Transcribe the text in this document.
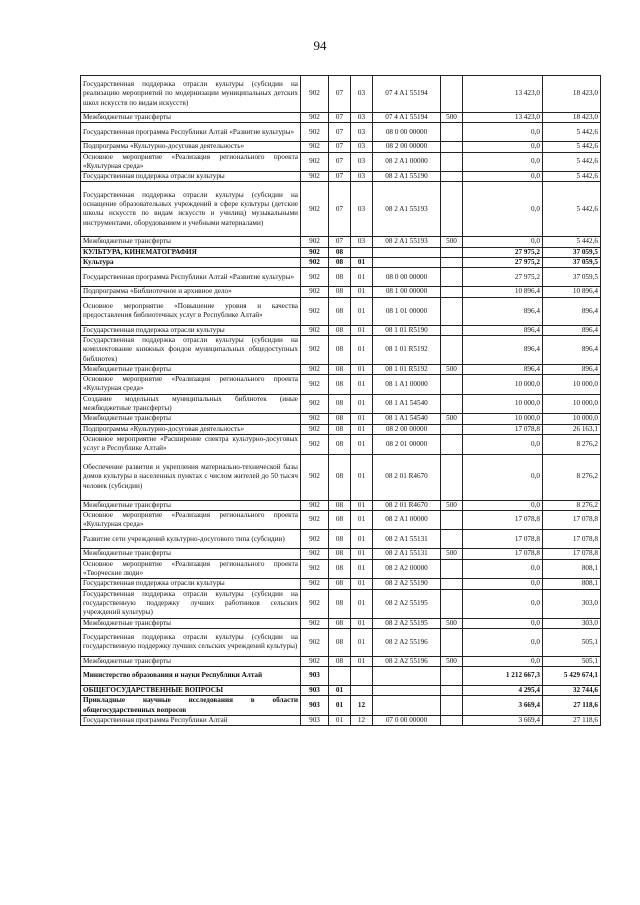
94
Государственная поддержка отрасли культуры (субсидии на реализацию мероприятий по модернизации муниципальных детских школ искусств по видам искусств)	902	07	03	07 4 A1 55194		13 423,0	18 423,0
Межбюджетные трансферты	902	07	03	07 4 A1 55194	500	13 423,0	18 423,0
Государственная программа Республики Алтай «Развитие культуры»	902	07	03	08 0 00 00000		0,0	5 442,6
Подпрограмма «Культурно-досуговая деятельность»	902	07	03	08 2 00 00000		0,0	5 442,6
Основное мероприятие «Реализация регионального проекта «Культурная среда»	902	07	03	08 2 A1 00000		0,0	5 442,6
Государственная поддержка отрасли культуры	902	07	03	08 2 A1 55190		0,0	5 442,6
Государственная поддержка отрасли культуры (субсидии на оснащение образовательных учреждений в сфере культуры (детские школы искусств по видам искусств и училищ) музыкальными инструментами, оборудованием и учебными материалами)	902	07	03	08 2 A1 55193		0,0	5 442,6
Межбюджетные трансферты	902	07	03	08 2 A1 55193	500	0,0	5 442,6
КУЛЬТУРА, КИНЕМАТОГРАФИЯ	902	08				27 975,2	37 059,5
Культура	902	08	01			27 975,2	37 059,5
Государственная программа Республики Алтай «Развитие культуры»	902	08	01	08 0 00 00000		27 975,2	37 059,5
Подпрограмма «Библиотечное и архивное дело»	902	08	01	08 1 00 00000		10 896,4	10 896,4
Основное мероприятие «Повышение уровня и качества предоставления библиотечных услуг в Республике Алтай»	902	08	01	08 1 01 00000		896,4	896,4
Государственная поддержка отрасли культуры	902	08	01	08 1 01 R5190		896,4	896,4
Государственная поддержка отрасли культуры (субсидии на комплектование книжных фондов муниципальных общедоступных библиотек)	902	08	01	08 1 01 R5192		896,4	896,4
Межбюджетные трансферты	902	08	01	08 1 01 R5192	500	896,4	896,4
Основное мероприятие «Реализация регионального проекта «Культурная среда»	902	08	01	08 1 A1 00000		10 000,0	10 000,0
Создание модельных муниципальных библиотек (иные межбюджетные трансферты)	902	08	01	08 1 A1 54540		10 000,0	10 000,0
Межбюджетные трансферты	902	08	01	08 1 A1 54540	500	10 000,0	10 000,0
Подпрограмма «Культурно-досуговая деятельность»	902	08	01	08 2 00 00000		17 078,8	26 163,1
Основное мероприятие «Расширение спектра культурно-досуговых услуг в Республике Алтай»	902	08	01	08 2 01 00000		0,0	8 276,2
Обеспечение развития и укрепления материально-технической базы домов культуры в населенных пунктах с числом жителей до 50 тысяч человек (субсидии)	902	08	01	08 2 01 R4670		0,0	8 276,2
Межбюджетные трансферты	902	08	01	08 2 01 R4670	500	0,0	8 276,2
Основное мероприятие «Реализация регионального проекта «Культурная среда»	902	08	01	08 2 A1 00000		17 078,8	17 078,8
Развитие сети учреждений культурно-досугового типа (субсидии)	902	08	01	08 2 A1 55131		17 078,8	17 078,8
Межбюджетные трансферты	902	08	01	08 2 A1 55131	500	17 078,8	17 078,8
Основное мероприятие «Реализация регионального проекта «Творческие люди»	902	08	01	08 2 A2 00000		0,0	808,1
Государственная поддержка отрасли культуры	902	08	01	08 2 A2 55190		0,0	808,1
Государственная поддержка отрасли культуры (субсидии на государственную поддержку лучших работников сельских учреждений культуры)	902	08	01	08 2 A2 55195		0,0	303,0
Межбюджетные трансферты	902	08	01	08 2 A2 55195	500	0,0	303,0
Государственная поддержка отрасли культуры (субсидии на государственную поддержку лучших сельских учреждений культуры)	902	08	01	08 2 A2 55196		0,0	505,1
Межбюджетные трансферты	902	08	01	08 2 A2 55196	500	0,0	505,1
Министерство образования и науки Республики Алтай	903					1 212 667,3	5 429 674,1
ОБЩЕГОСУДАРСТВЕННЫЕ ВОПРОСЫ	903	01				4 295,4	32 744,6
Прикладные научные исследования в области общегосударственных вопросов	903	01	12			3 669,4	27 118,6
Государственная программа Республики Алтай	903	01	12	07 0 00 00000		3 669,4	27 118,6
